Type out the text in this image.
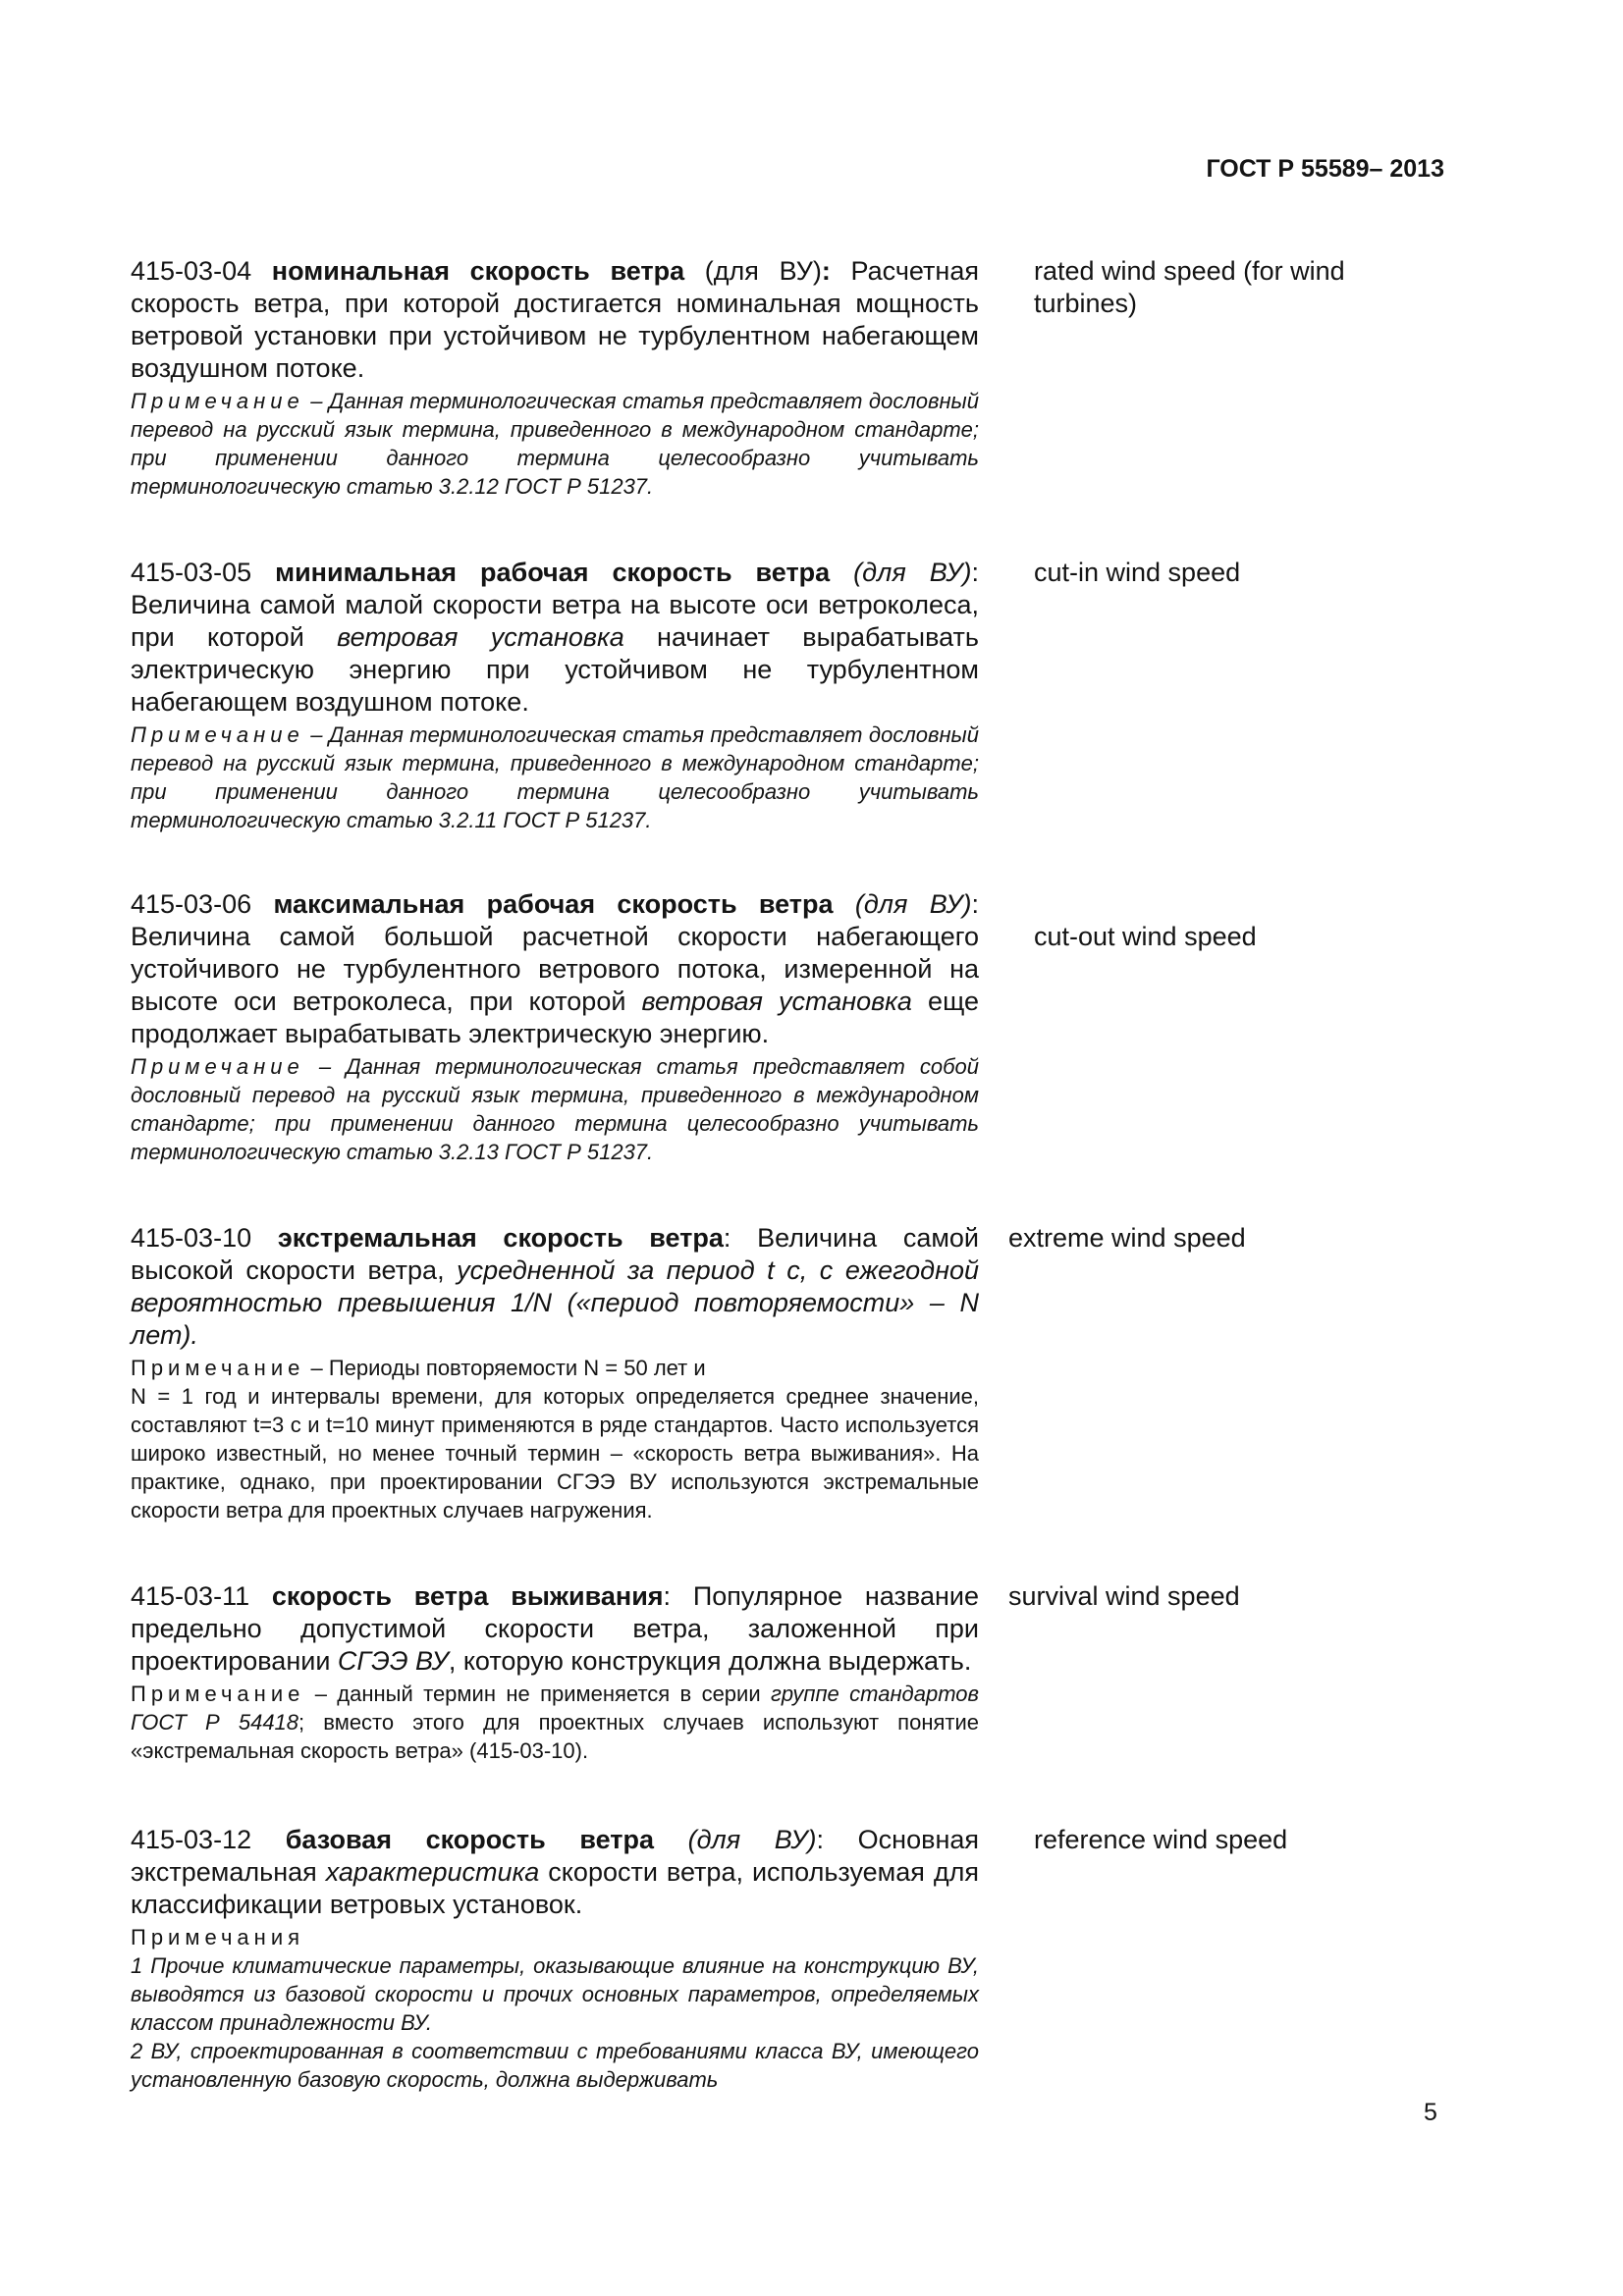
ГОСТ Р 55589– 2013

415-03-04 номинальная скорость ветра (для ВУ): Расчетная скорость ветра, при которой достигается номинальная мощность ветровой установки при устойчивом не турбулентном набегающем воздушном потоке.

Примечание – Данная терминологическая статья представляет дословный перевод на русский язык термина, приведенного в международном стандарте; при применении данного термина целесообразно учитывать терминологическую статью 3.2.12 ГОСТ Р 51237.

rated wind speed (for wind turbines)

415-03-05 минимальная рабочая скорость ветра (для ВУ): Величина самой малой скорости ветра на высоте оси ветроколеса, при которой ветровая установка начинает вырабатывать электрическую энергию при устойчивом не турбулентном набегающем воздушном потоке.

Примечание – Данная терминологическая статья представляет дословный перевод на русский язык термина, приведенного в международном стандарте; при применении данного термина целесообразно учитывать терминологическую статью 3.2.11 ГОСТ Р 51237.

cut-in wind speed

415-03-06 максимальная рабочая скорость ветра (для ВУ): Величина самой большой расчетной скорости набегающего устойчивого не турбулентного ветрового потока, измеренной на высоте оси ветроколеса, при которой ветровая установка еще продолжает вырабатывать электрическую энергию.

Примечание – Данная терминологическая статья представляет собой дословный перевод на русский язык термина, приведенного в международном стандарте; при применении данного термина целесообразно учитывать терминологическую статью 3.2.13 ГОСТ Р 51237.

cut-out wind speed

415-03-10 экстремальная скорость ветра: Величина самой высокой скорости ветра, усредненной за период t с, с ежегодной вероятностью превышения 1/N («период повторяемости» – N лет).

Примечание – Периоды повторяемости N = 50 лет и
N = 1 год и интервалы времени, для которых определяется среднее значение, составляют t=3 с и t=10 минут применяются в ряде стандартов. Часто используется широко известный, но менее точный термин – «скорость ветра выживания». На практике, однако, при проектировании СГЭЭ ВУ используются экстремальные скорости ветра для проектных случаев нагружения.

extreme wind speed

415-03-11 скорость ветра выживания: Популярное название предельно допустимой скорости ветра, заложенной при проектировании СГЭЭ ВУ, которую конструкция должна выдержать.

Примечание – данный термин не применяется в серии группе стандартов ГОСТ Р 54418; вместо этого для проектных случаев используют понятие «экстремальная скорость ветра» (415-03-10).

survival wind speed

415-03-12 базовая скорость ветра (для ВУ): Основная экстремальная характеристика скорости ветра, используемая для классификации ветровых установок.

Примечания

1 Прочие климатические параметры, оказывающие влияние на конструкцию ВУ, выводятся из базовой скорости и прочих основных параметров, определяемых классом принадлежности ВУ.

2 ВУ, спроектированная в соответствии с требованиями класса ВУ, имеющего установленную базовую скорость, должна выдерживать

reference wind speed
5
